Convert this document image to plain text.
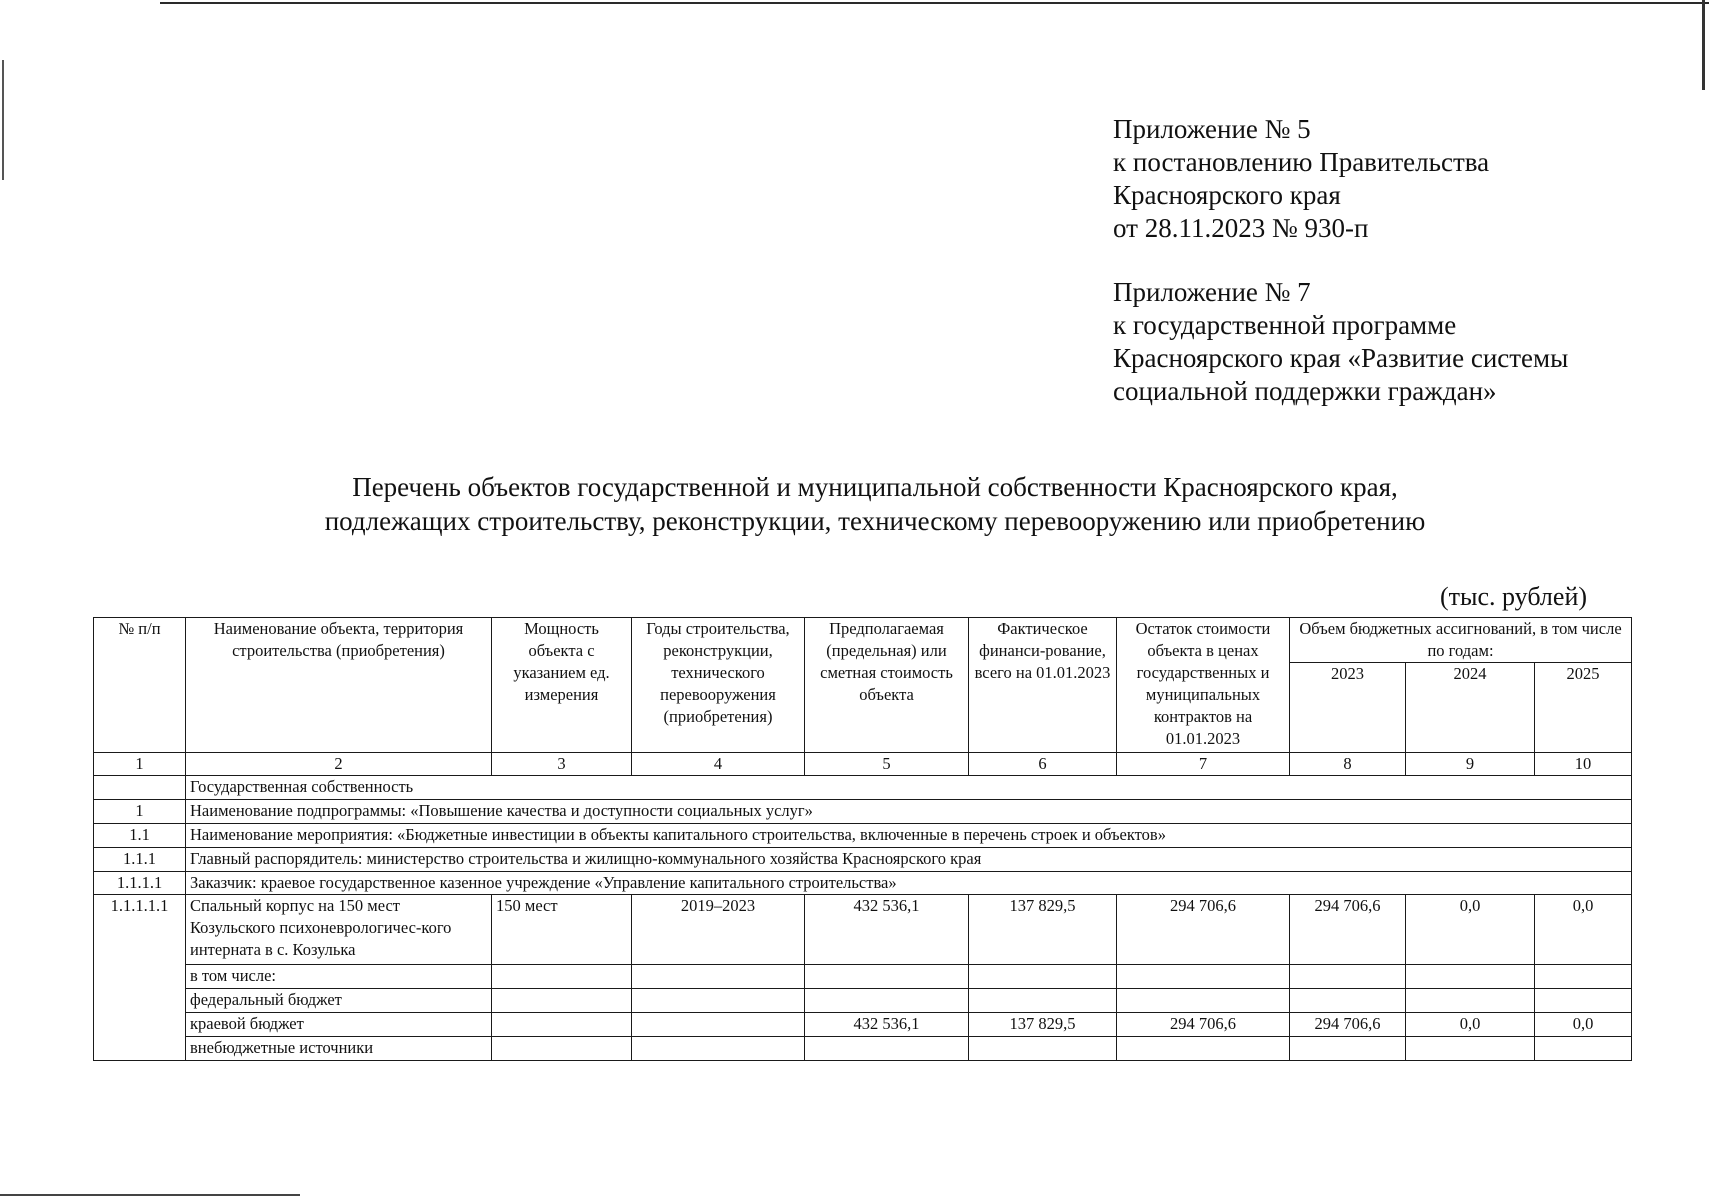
Приложение № 5
к постановлению Правительства
Красноярского края
от 28.11.2023 № 930-п
Приложение № 7
к государственной программе
Красноярского края «Развитие системы
социальной поддержки граждан»
Перечень объектов государственной и муниципальной собственности Красноярского края,
подлежащих строительству, реконструкции, техническому перевооружению или приобретению
(тыс. рублей)
№ п/п	Наименование объекта, территория строительства (приобретения)	Мощность объекта с указанием ед. измерения	Годы строительства, реконструкции, технического перевооружения (приобретения)	Предполагаемая (предельная) или сметная стоимость объекта	Фактическое финанси-рование, всего на 01.01.2023	Остаток стоимости объекта в ценах государственных и муниципальных контрактов на 01.01.2023	Объем бюджетных ассигнований, в том числе по годам:		
							2023	2024	2025
1	2	3	4	5	6	7	8	9	10
	Государственная собственность								
1	Наименование подпрограммы: «Повышение качества и доступности социальных услуг»								
1.1	Наименование мероприятия: «Бюджетные инвестиции в объекты капитального строительства, включенные в перечень строек и объектов»								
1.1.1	Главный распорядитель: министерство строительства и жилищно-коммунального хозяйства Красноярского края								
1.1.1.1	Заказчик: краевое государственное казенное учреждение «Управление капитального строительства»								
1.1.1.1.1	Спальный корпус на 150 мест Козульского психоневрологичес-кого интерната в с. Козулька	150 мест	2019–2023	432 536,1	137 829,5	294 706,6	294 706,6	0,0	0,0
	в том числе:								
	федеральный бюджет								
	краевой бюджет			432 536,1	137 829,5	294 706,6	294 706,6	0,0	0,0
	внебюджетные источники								
